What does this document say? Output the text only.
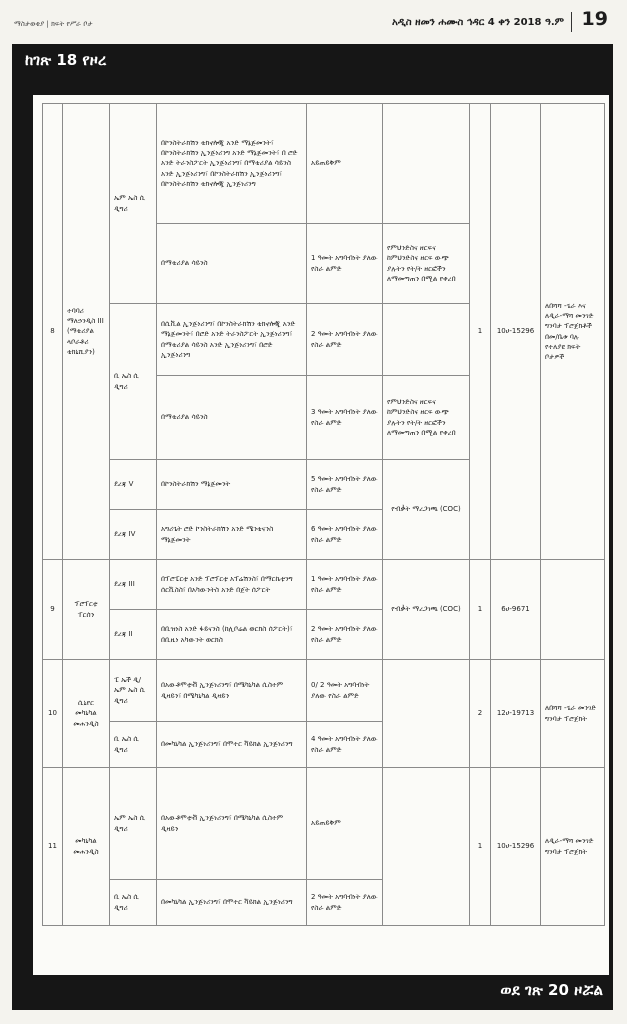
ማስታወቂያ | ክፍት የሥራ ቦታ	አዲስ ዘመን ሐሙስ ኅዳር 4 ቀን 2018 ዓ.ም 19
ከገጽ 18 የዞረ
8	ተባባሪ ማለኃንዲስ III (ማቴሪያል ላቦራቶሪ ቴክኒሺያን)	ኤም ኤስ ሲ ዲግሪ	በኮንስትራክሽን ቴክኖሎጂ አንድ ማኔጅመንት፣ በኮንስትራክሽን ኢንጅነሪንግ አንድ ማኔጅመንት፣ በ ሮድ አንድ ትራንስፖርት ኢንጅነሪንግ፣ በማቴሪያል ሳይንስ አንድ ኢንጅነሪንግ፣ በኮንስትራክሽን ኢንጅነሪንግ፣ በኮንስትራክሽን ቴክኖሎጂ ኢንጅነሪንግ	አይጠይቅም		1	10ሀ-15296	ለበሻሻ -ጌራ እና ለዲራ-ማሻ መንገድ ግንባታ ፕሮጀክቶች በመ/ቤቱ ባሉ የተለያዩ ክፍት ቦታዎች
			በማቴሪያል ሳይንስ	1 ዓመት አግባብነት ያለው የስራ ልምድ	የምህንድስና ዘርፍና ከምህንድስና ዘርፍ ውጭ ያሉትን የት/ት ዘርፎችን ለማመጣጠን በሚል የቀረበ			
		ቢ ኤስ ሲ ዲግሪ	በሲቪል ኢንጅነሪንግ፣ በኮንስትራክሽን ቴክኖሎጂ አንድ ማኔጅመንት፣ በሮድ አንድ ትራንስፖርት ኢንጅነሪንግ፣ በማቴሪያል ሳይንስ አንድ ኢንጅነሪንግ፣ በሮድ ኢንጅነሪንግ	2 ዓመት አግባብነት ያለው የስራ ልምድ				
			በማቴሪያል ሳይንስ	3 ዓመት አግባብነት ያለው የስራ ልምድ	የምህንድስና ዘርፍና ከምህንድስና ዘርፍ ውጭ ያሉትን የት/ት ዘርፎችን ለማመጣጠን በሚል የቀረበ			
		ደረጃ V	በኮንስትራክሽን ማኔጅመንት	5 ዓመት አግባብነት ያለው የስራ ልምድ	የብቃት ማረጋገጫ (COC)			
		ደረጃ IV	አግሪጌት ሮድ ኮንስትራክሽን አንድ ሜንቴናንስ ማኔጅመንት	6 ዓመት አግባብነት ያለው የስራ ልምድ				
9	ፕሮፕርቲ ፐርሰን	ደረጃ III	በፕሮፔርቲ አንድ ፕሮፕርቲ አፕሬሽንስ፣ በማርኬቲንግ ሰርቪስስ፣ በአካውንትስ አንድ በጀት ሰፖርት	1 ዓመት አግባብነት ያለው የስራ ልምድ	የብቃት ማረጋገጫ (COC)	1	6ሀ-9671	
		ደረጃ II	በቢዝነስ አንድ ፋይናንስ (ከሊቦሬል ወርክስ ሰፖርት)፣ በቢዚነ አካውንት ወርክስ	2 ዓመት አግባብነት ያለው የስራ ልምድ				
10	ሲኒየር መካኒካል መሐንዲስ	ፒ ኤች ዲ/ ኤም ኤስ ሲ ዲግሪ	በአውቶሞቲቭ ኢንጅነሪንግ፣ በሜካኒካል ሲስተም ዲዛይን፣ በሜካኒካል ዲዛይን	0/ 2 ዓመት አግባብነት ያለው የስራ ልምድ		2	12ሀ-19713	ለበሻሻ -ጌራ መንገድ ግንባታ ፕሮጀክት
		ቢ ኤስ ሲ ዲግሪ	በመካኒካል ኢንጅነሪንግ፣ በሞተር ቫይክል ኢንጅነሪንግ	4 ዓመት አግባብነት ያለው የስራ ልምድ				
11	መካኒካል መሐንዲስ	ኤም ኤስ ሲ ዲግሪ	በአውቶሞቲቭ ኢንጅነሪንግ፣ በሜካኒካል ሲስተም ዲዛይን	አይጠይቅም		1	10ሀ-15296	ለዲራ-ማሻ መንገድ ግንባታ ፕሮጀክት
		ቢ ኤስ ሲ ዲግሪ	በመካኒካል ኢንጅነሪንግ፣ በሞተር ቫይክል ኢንጅነሪንግ	2 ዓመት አግባብነት ያለው የስራ ልምድ				
ወደ ገጽ 20 ዞሯል
